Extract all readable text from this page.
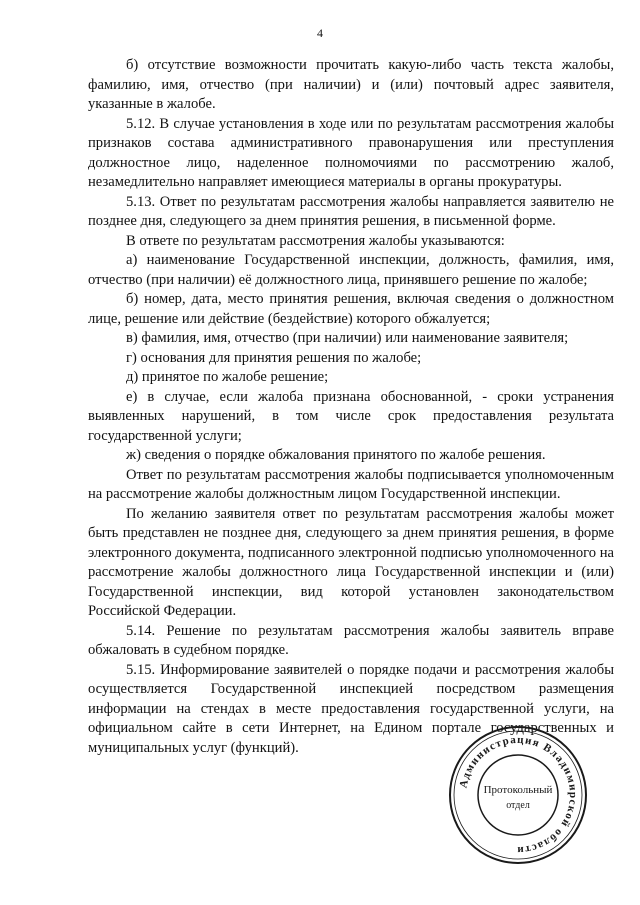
4

б) отсутствие возможности прочитать какую-либо часть текста жалобы, фамилию, имя, отчество (при наличии) и (или) почтовый адрес заявителя, указанные в жалобе.

5.12. В случае установления в ходе или по результатам рассмотрения жалобы признаков состава административного правонарушения или преступления должностное лицо, наделенное полномочиями по рассмотрению жалоб, незамедлительно направляет имеющиеся материалы в органы прокуратуры.

5.13. Ответ по результатам рассмотрения жалобы направляется заявителю не позднее дня, следующего за днем принятия решения, в письменной форме.

В ответе по результатам рассмотрения жалобы указываются:

а) наименование Государственной инспекции, должность, фамилия, имя, отчество (при наличии) её должностного лица, принявшего решение по жалобе;

б) номер, дата, место принятия решения, включая сведения о должностном лице, решение или действие (бездействие) которого обжалуется;

в) фамилия, имя, отчество (при наличии) или наименование заявителя;

г) основания для принятия решения по жалобе;

д) принятое по жалобе решение;

е) в случае, если жалоба признана обоснованной, - сроки устранения выявленных нарушений, в том числе срок предоставления результата государственной услуги;

ж) сведения о порядке обжалования принятого по жалобе решения.

Ответ по результатам рассмотрения жалобы подписывается уполномоченным на рассмотрение жалобы должностным лицом Государственной инспекции.

По желанию заявителя ответ по результатам рассмотрения жалобы может быть представлен не позднее дня, следующего за днем принятия решения, в форме электронного документа, подписанного электронной подписью уполномоченного на рассмотрение жалобы должностного лица Государственной инспекции и (или) Государственной инспекции, вид которой установлен законодательством Российской Федерации.

5.14. Решение по результатам рассмотрения жалобы заявитель вправе обжаловать в судебном порядке.

5.15. Информирование заявителей о порядке подачи и рассмотрения жалобы осуществляется Государственной инспекцией посредством размещения информации на стендах в месте предоставления государственной услуги, на официальном сайте в сети Интернет, на Едином портале государственных и муниципальных услуг (функций).

Администрация Владимирской области
Протокольный
отдел
